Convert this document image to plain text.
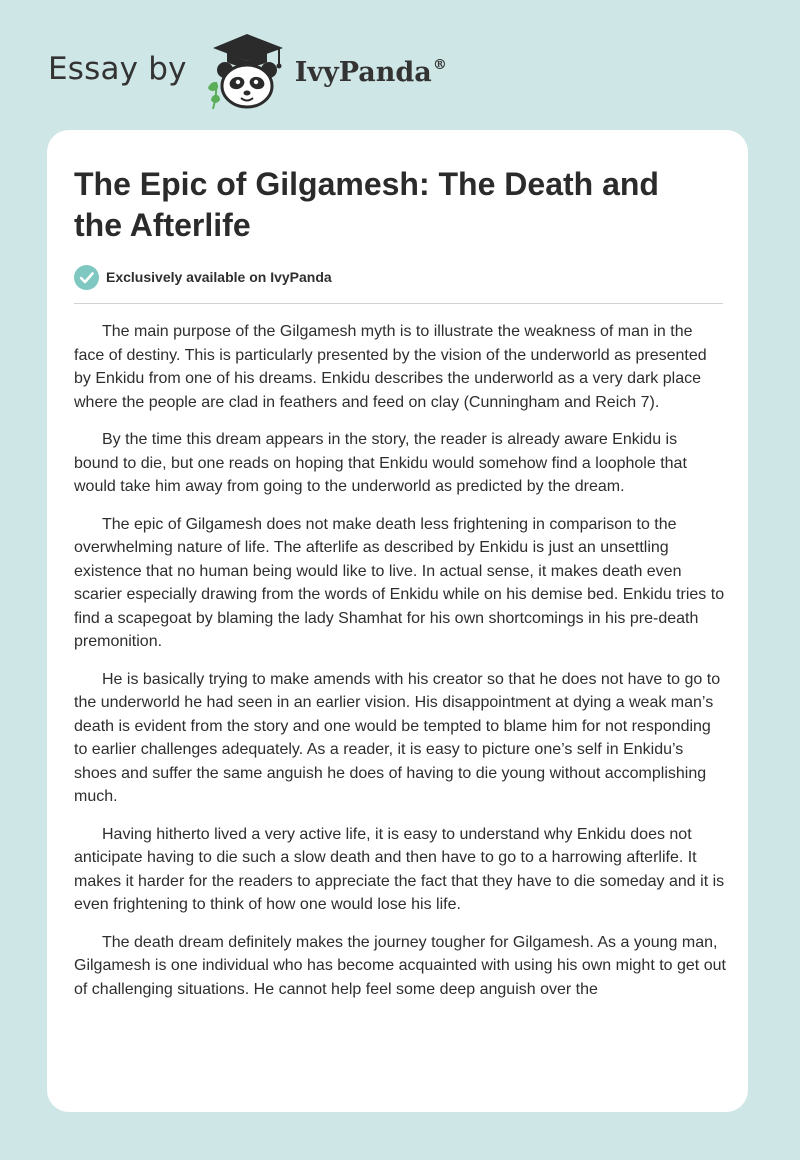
Essay by	IvyPanda®
The Epic of Gilgamesh: The Death and the Afterlife
Exclusively available on IvyPanda

The main purpose of the Gilgamesh myth is to illustrate the weakness of man in the face of destiny. This is particularly presented by the vision of the underworld as presented by Enkidu from one of his dreams. Enkidu describes the underworld as a very dark place where the people are clad in feathers and feed on clay (Cunningham and Reich 7).

By the time this dream appears in the story, the reader is already aware Enkidu is bound to die, but one reads on hoping that Enkidu would somehow find a loophole that would take him away from going to the underworld as predicted by the dream.

The epic of Gilgamesh does not make death less frightening in comparison to the overwhelming nature of life. The afterlife as described by Enkidu is just an unsettling existence that no human being would like to live. In actual sense, it makes death even scarier especially drawing from the words of Enkidu while on his demise bed. Enkidu tries to find a scapegoat by blaming the lady Shamhat for his own shortcomings in his pre-death premonition.

He is basically trying to make amends with his creator so that he does not have to go to the underworld he had seen in an earlier vision. His disappointment at dying a weak man’s death is evident from the story and one would be tempted to blame him for not responding to earlier challenges adequately. As a reader, it is easy to picture one’s self in Enkidu’s shoes and suffer the same anguish he does of having to die young without accomplishing much.

Having hitherto lived a very active life, it is easy to understand why Enkidu does not anticipate having to die such a slow death and then have to go to a harrowing afterlife. It makes it harder for the readers to appreciate the fact that they have to die someday and it is even frightening to think of how one would lose his life.

The death dream definitely makes the journey tougher for Gilgamesh. As a young man, Gilgamesh is one individual who has become acquainted with using his own might to get out of challenging situations. He cannot help feel some deep anguish over the
